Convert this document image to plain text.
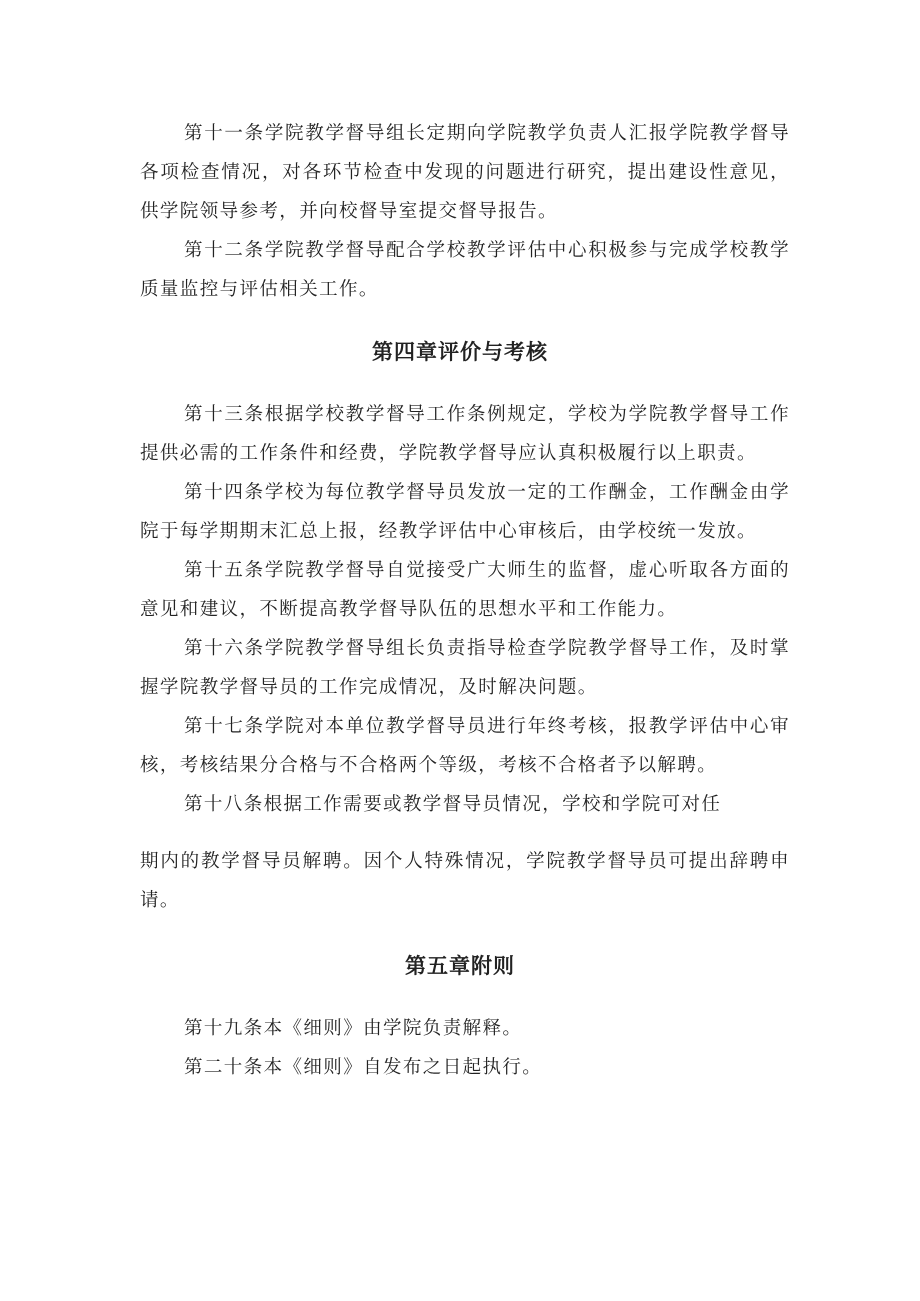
第十一条学院教学督导组长定期向学院教学负责人汇报学院教学督导各项检查情况，对各环节检查中发现的问题进行研究，提出建设性意见，供学院领导参考，并向校督导室提交督导报告。

第十二条学院教学督导配合学校教学评估中心积极参与完成学校教学质量监控与评估相关工作。

第四章评价与考核

第十三条根据学校教学督导工作条例规定，学校为学院教学督导工作提供必需的工作条件和经费，学院教学督导应认真积极履行以上职责。

第十四条学校为每位教学督导员发放一定的工作酬金，工作酬金由学院于每学期期末汇总上报，经教学评估中心审核后，由学校统一发放。

第十五条学院教学督导自觉接受广大师生的监督，虚心听取各方面的意见和建议，不断提高教学督导队伍的思想水平和工作能力。

第十六条学院教学督导组长负责指导检查学院教学督导工作，及时掌握学院教学督导员的工作完成情况，及时解决问题。

第十七条学院对本单位教学督导员进行年终考核，报教学评估中心审核，考核结果分合格与不合格两个等级，考核不合格者予以解聘。

第十八条根据工作需要或教学督导员情况，学校和学院可对任

期内的教学督导员解聘。因个人特殊情况，学院教学督导员可提出辞聘申请。

第五章附则

第十九条本《细则》由学院负责解释。

第二十条本《细则》自发布之日起执行。
